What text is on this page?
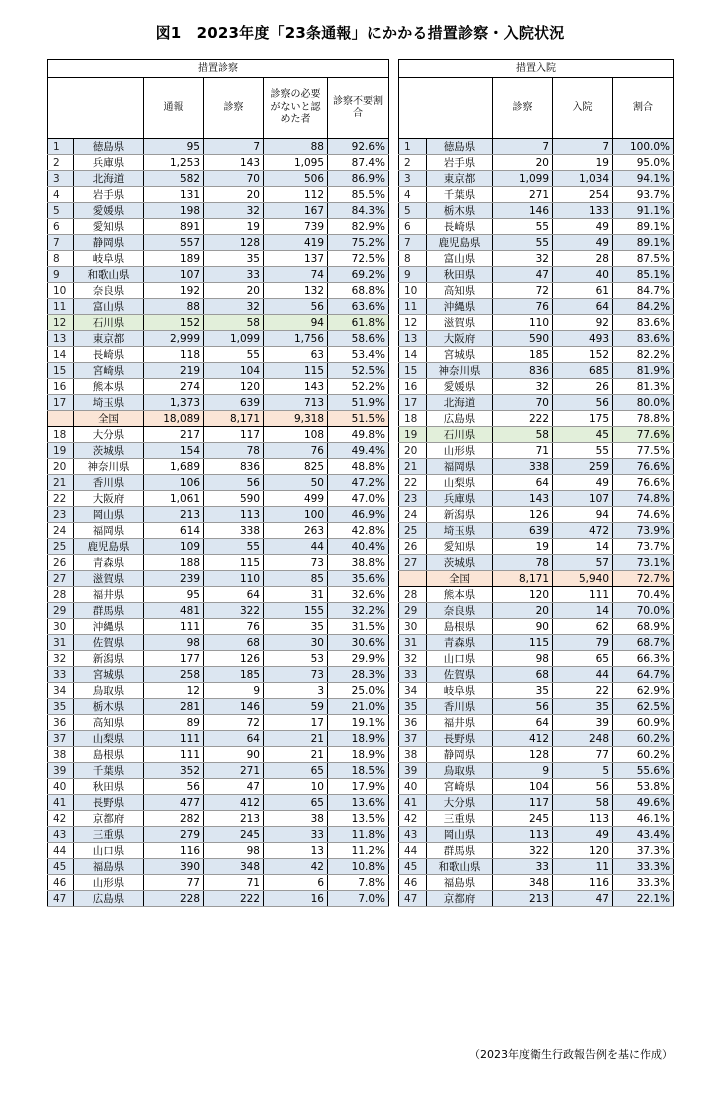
図1　2023年度「23条通報」にかかる措置診察・入院状況
措置診察					
		通報	診察	診察の必要がないと認めた者	診察不要割合
1	徳島県	95	7	88	92.6%
2	兵庫県	1,253	143	1,095	87.4%
3	北海道	582	70	506	86.9%
4	岩手県	131	20	112	85.5%
5	愛媛県	198	32	167	84.3%
6	愛知県	891	19	739	82.9%
7	静岡県	557	128	419	75.2%
8	岐阜県	189	35	137	72.5%
9	和歌山県	107	33	74	69.2%
10	奈良県	192	20	132	68.8%
11	富山県	88	32	56	63.6%
12	石川県	152	58	94	61.8%
13	東京都	2,999	1,099	1,756	58.6%
14	長崎県	118	55	63	53.4%
15	宮崎県	219	104	115	52.5%
16	熊本県	274	120	143	52.2%
17	埼玉県	1,373	639	713	51.9%
	全国	18,089	8,171	9,318	51.5%
18	大分県	217	117	108	49.8%
19	茨城県	154	78	76	49.4%
20	神奈川県	1,689	836	825	48.8%
21	香川県	106	56	50	47.2%
22	大阪府	1,061	590	499	47.0%
23	岡山県	213	113	100	46.9%
24	福岡県	614	338	263	42.8%
25	鹿児島県	109	55	44	40.4%
26	青森県	188	115	73	38.8%
27	滋賀県	239	110	85	35.6%
28	福井県	95	64	31	32.6%
29	群馬県	481	322	155	32.2%
30	沖縄県	111	76	35	31.5%
31	佐賀県	98	68	30	30.6%
32	新潟県	177	126	53	29.9%
33	宮城県	258	185	73	28.3%
34	鳥取県	12	9	3	25.0%
35	栃木県	281	146	59	21.0%
36	高知県	89	72	17	19.1%
37	山梨県	111	64	21	18.9%
38	島根県	111	90	21	18.9%
39	千葉県	352	271	65	18.5%
40	秋田県	56	47	10	17.9%
41	長野県	477	412	65	13.6%
42	京都府	282	213	38	13.5%
43	三重県	279	245	33	11.8%
44	山口県	116	98	13	11.2%
45	福島県	390	348	42	10.8%
46	山形県	77	71	6	7.8%
47	広島県	228	222	16	7.0%
措置入院				
		診察	入院	割合
1	徳島県	7	7	100.0%
2	岩手県	20	19	95.0%
3	東京都	1,099	1,034	94.1%
4	千葉県	271	254	93.7%
5	栃木県	146	133	91.1%
6	長崎県	55	49	89.1%
7	鹿児島県	55	49	89.1%
8	富山県	32	28	87.5%
9	秋田県	47	40	85.1%
10	高知県	72	61	84.7%
11	沖縄県	76	64	84.2%
12	滋賀県	110	92	83.6%
13	大阪府	590	493	83.6%
14	宮城県	185	152	82.2%
15	神奈川県	836	685	81.9%
16	愛媛県	32	26	81.3%
17	北海道	70	56	80.0%
18	広島県	222	175	78.8%
19	石川県	58	45	77.6%
20	山形県	71	55	77.5%
21	福岡県	338	259	76.6%
22	山梨県	64	49	76.6%
23	兵庫県	143	107	74.8%
24	新潟県	126	94	74.6%
25	埼玉県	639	472	73.9%
26	愛知県	19	14	73.7%
27	茨城県	78	57	73.1%
	全国	8,171	5,940	72.7%
28	熊本県	120	111	70.4%
29	奈良県	20	14	70.0%
30	島根県	90	62	68.9%
31	青森県	115	79	68.7%
32	山口県	98	65	66.3%
33	佐賀県	68	44	64.7%
34	岐阜県	35	22	62.9%
35	香川県	56	35	62.5%
36	福井県	64	39	60.9%
37	長野県	412	248	60.2%
38	静岡県	128	77	60.2%
39	鳥取県	9	5	55.6%
40	宮崎県	104	56	53.8%
41	大分県	117	58	49.6%
42	三重県	245	113	46.1%
43	岡山県	113	49	43.4%
44	群馬県	322	120	37.3%
45	和歌山県	33	11	33.3%
46	福島県	348	116	33.3%
47	京都府	213	47	22.1%
（2023年度衛生行政報告例を基に作成）
